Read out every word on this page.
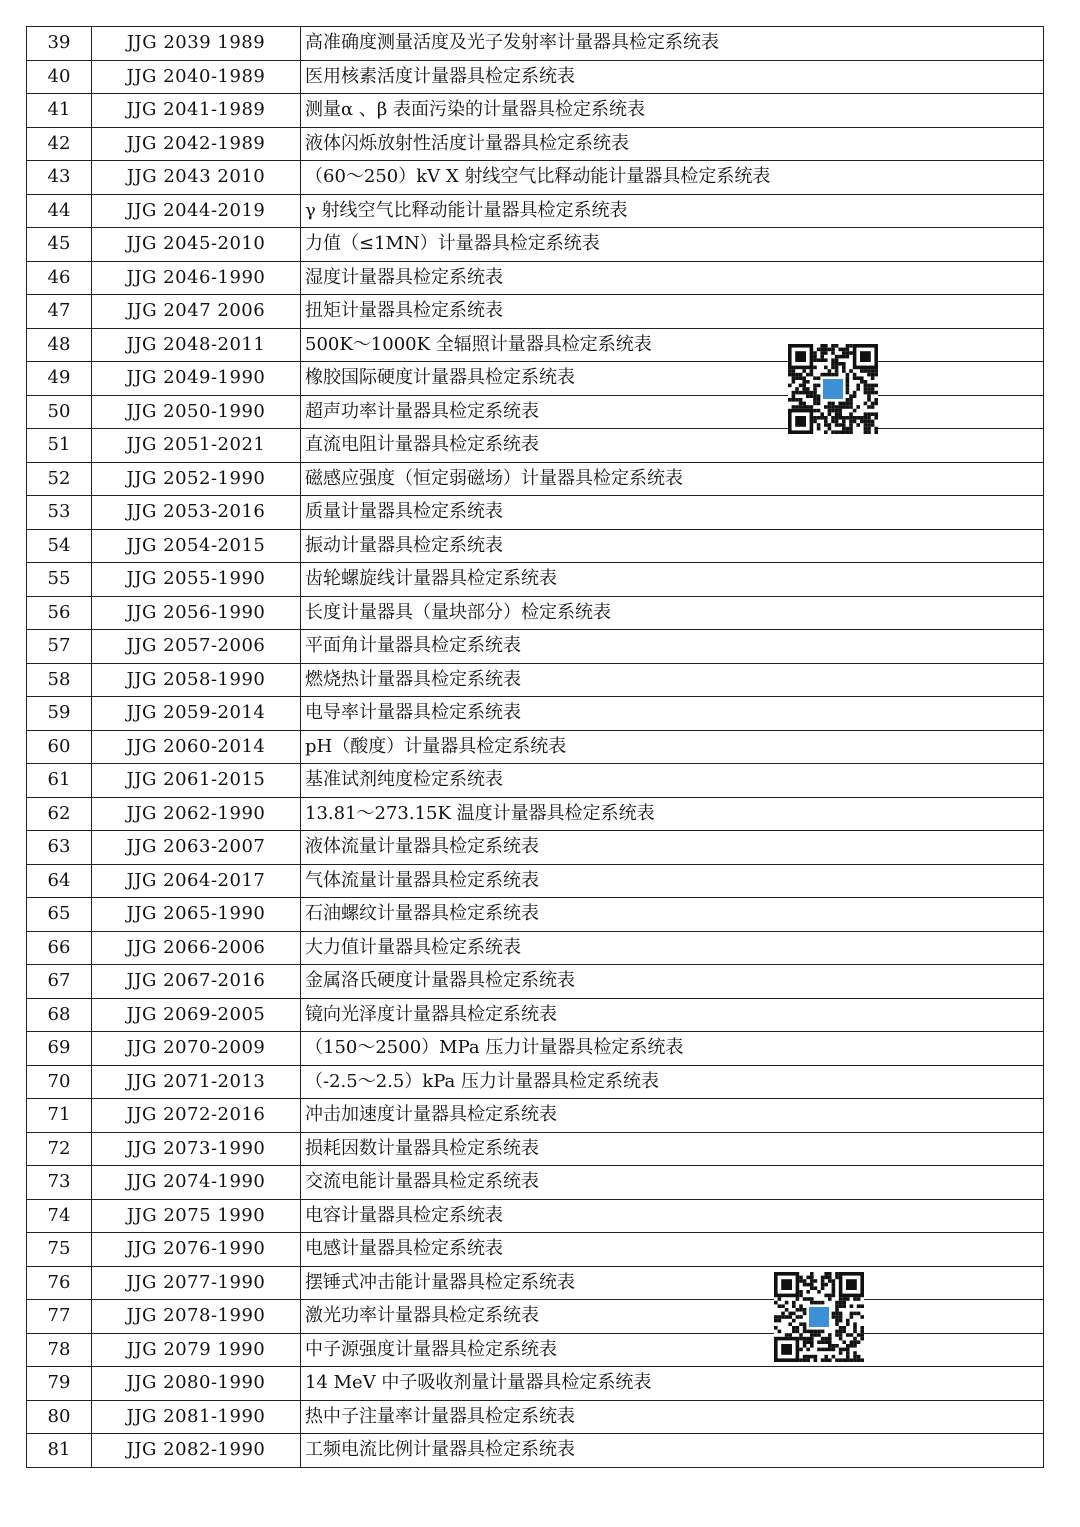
39	JJG 2039 1989	高准确度测量活度及光子发射率计量器具检定系统表
40	JJG 2040-1989	医用核素活度计量器具检定系统表
41	JJG 2041-1989	测量α 、β 表面污染的计量器具检定系统表
42	JJG 2042-1989	液体闪烁放射性活度计量器具检定系统表
43	JJG 2043 2010	（60～250）kV X 射线空气比释动能计量器具检定系统表
44	JJG 2044-2019	γ 射线空气比释动能计量器具检定系统表
45	JJG 2045-2010	力值（≤1MN）计量器具检定系统表
46	JJG 2046-1990	湿度计量器具检定系统表
47	JJG 2047 2006	扭矩计量器具检定系统表
48	JJG 2048-2011	500K～1000K 全辐照计量器具检定系统表
49	JJG 2049-1990	橡胶国际硬度计量器具检定系统表
50	JJG 2050-1990	超声功率计量器具检定系统表
51	JJG 2051-2021	直流电阻计量器具检定系统表
52	JJG 2052-1990	磁感应强度（恒定弱磁场）计量器具检定系统表
53	JJG 2053-2016	质量计量器具检定系统表
54	JJG 2054-2015	振动计量器具检定系统表
55	JJG 2055-1990	齿轮螺旋线计量器具检定系统表
56	JJG 2056-1990	长度计量器具（量块部分）检定系统表
57	JJG 2057-2006	平面角计量器具检定系统表
58	JJG 2058-1990	燃烧热计量器具检定系统表
59	JJG 2059-2014	电导率计量器具检定系统表
60	JJG 2060-2014	pH（酸度）计量器具检定系统表
61	JJG 2061-2015	基准试剂纯度检定系统表
62	JJG 2062-1990	13.81～273.15K 温度计量器具检定系统表
63	JJG 2063-2007	液体流量计量器具检定系统表
64	JJG 2064-2017	气体流量计量器具检定系统表
65	JJG 2065-1990	石油螺纹计量器具检定系统表
66	JJG 2066-2006	大力值计量器具检定系统表
67	JJG 2067-2016	金属洛氏硬度计量器具检定系统表
68	JJG 2069-2005	镜向光泽度计量器具检定系统表
69	JJG 2070-2009	（150～2500）MPa 压力计量器具检定系统表
70	JJG 2071-2013	（-2.5～2.5）kPa 压力计量器具检定系统表
71	JJG 2072-2016	冲击加速度计量器具检定系统表
72	JJG 2073-1990	损耗因数计量器具检定系统表
73	JJG 2074-1990	交流电能计量器具检定系统表
74	JJG 2075 1990	电容计量器具检定系统表
75	JJG 2076-1990	电感计量器具检定系统表
76	JJG 2077-1990	摆锤式冲击能计量器具检定系统表
77	JJG 2078-1990	激光功率计量器具检定系统表
78	JJG 2079 1990	中子源强度计量器具检定系统表
79	JJG 2080-1990	14 MeV 中子吸收剂量计量器具检定系统表
80	JJG 2081-1990	热中子注量率计量器具检定系统表
81	JJG 2082-1990	工频电流比例计量器具检定系统表
